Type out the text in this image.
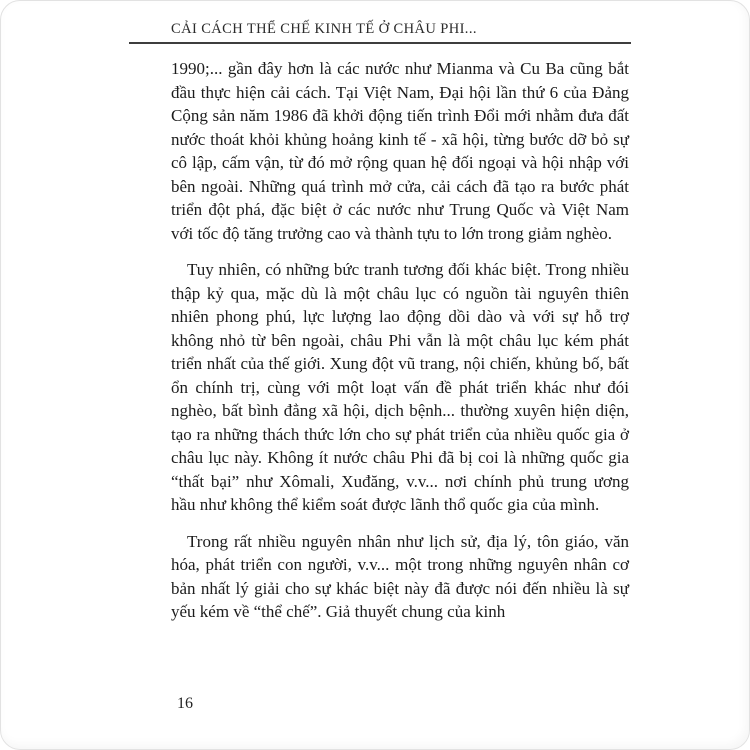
CẢI CÁCH THỂ CHẾ KINH TẾ Ở CHÂU PHI...

1990;... gần đây hơn là các nước như Mianma và Cu Ba cũng bắt đầu thực hiện cải cách. Tại Việt Nam, Đại hội lần thứ 6 của Đảng Cộng sản năm 1986 đã khởi động tiến trình Đổi mới nhằm đưa đất nước thoát khỏi khủng hoảng kinh tế - xã hội, từng bước dỡ bỏ sự cô lập, cấm vận, từ đó mở rộng quan hệ đối ngoại và hội nhập với bên ngoài. Những quá trình mở cửa, cải cách đã tạo ra bước phát triển đột phá, đặc biệt ở các nước như Trung Quốc và Việt Nam với tốc độ tăng trưởng cao và thành tựu to lớn trong giảm nghèo.

Tuy nhiên, có những bức tranh tương đối khác biệt. Trong nhiều thập kỷ qua, mặc dù là một châu lục có nguồn tài nguyên thiên nhiên phong phú, lực lượng lao động dồi dào và với sự hỗ trợ không nhỏ từ bên ngoài, châu Phi vẫn là một châu lục kém phát triển nhất của thế giới. Xung đột vũ trang, nội chiến, khủng bố, bất ổn chính trị, cùng với một loạt vấn đề phát triển khác như đói nghèo, bất bình đẳng xã hội, dịch bệnh... thường xuyên hiện diện, tạo ra những thách thức lớn cho sự phát triển của nhiều quốc gia ở châu lục này. Không ít nước châu Phi đã bị coi là những quốc gia “thất bại” như Xômali, Xuđăng, v.v... nơi chính phủ trung ương hầu như không thể kiểm soát được lãnh thổ quốc gia của mình.

Trong rất nhiều nguyên nhân như lịch sử, địa lý, tôn giáo, văn hóa, phát triển con người, v.v... một trong những nguyên nhân cơ bản nhất lý giải cho sự khác biệt này đã được nói đến nhiều là sự yếu kém về “thể chế”. Giả thuyết chung của kinh

16
